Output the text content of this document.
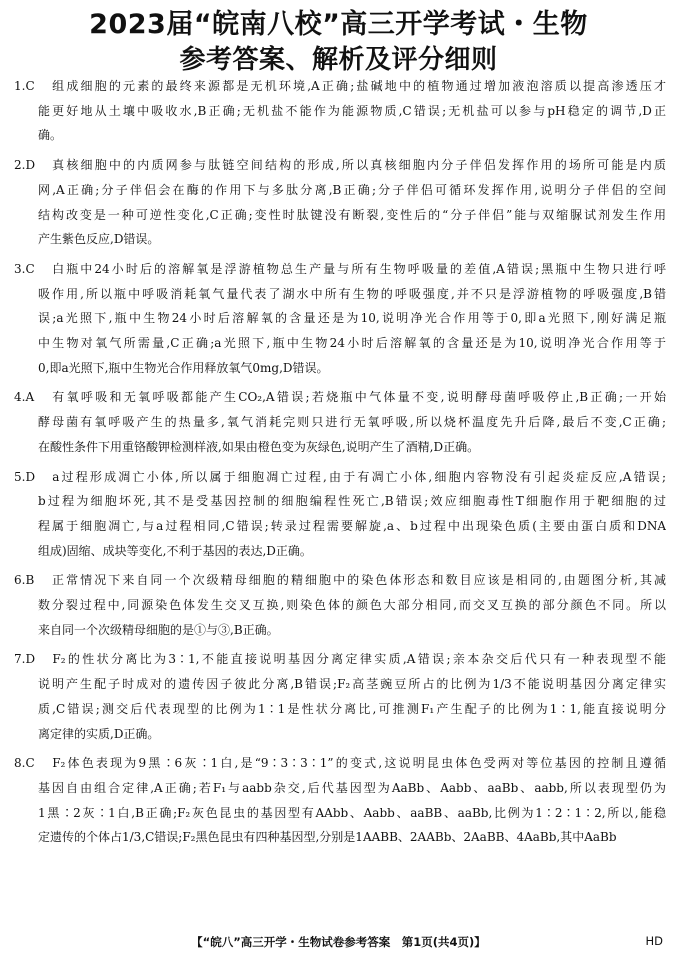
2023届“皖南八校”高三开学考试・生物
参考答案、解析及评分细则
1.C 　组成细胞的元素的最终来源都是无机环境,A正确;盐碱地中的植物通过增加液泡溶质以提高渗透压才
能更好地从土壤中吸收水,B正确;无机盐不能作为能源物质,C错误;无机盐可以参与pH稳定的调节,D正
确。
2.D 　真核细胞中的内质网参与肽链空间结构的形成,所以真核细胞内分子伴侣发挥作用的场所可能是内质
网,A正确;分子伴侣会在酶的作用下与多肽分离,B正确;分子伴侣可循环发挥作用,说明分子伴侣的空间
结构改变是一种可逆性变化,C正确;变性时肽键没有断裂,变性后的“分子伴侣”能与双缩脲试剂发生作用
产生紫色反应,D错误。
3.C 　白瓶中24小时后的溶解氧是浮游植物总生产量与所有生物呼吸量的差值,A错误;黑瓶中生物只进行呼
吸作用,所以瓶中呼吸消耗氧气量代表了湖水中所有生物的呼吸强度,并不只是浮游植物的呼吸强度,B错
误;a光照下,瓶中生物24小时后溶解氧的含量还是为10,说明净光合作用等于0,即a光照下,刚好满足瓶
中生物对氧气所需量,C正确;a光照下,瓶中生物24小时后溶解氧的含量还是为10,说明净光合作用等于
0,即a光照下,瓶中生物光合作用释放氧气0mg,D错误。
4.A 　有氧呼吸和无氧呼吸都能产生CO₂,A错误;若烧瓶中气体量不变,说明酵母菌呼吸停止,B正确;一开始
酵母菌有氧呼吸产生的热量多,氧气消耗完则只进行无氧呼吸,所以烧杯温度先升后降,最后不变,C正确;
在酸性条件下用重铬酸钾检测样液,如果由橙色变为灰绿色,说明产生了酒精,D正确。
5.D 　a过程形成凋亡小体,所以属于细胞凋亡过程,由于有凋亡小体,细胞内容物没有引起炎症反应,A错误;
b过程为细胞坏死,其不是受基因控制的细胞编程性死亡,B错误;效应细胞毒性T细胞作用于靶细胞的过
程属于细胞凋亡,与a过程相同,C错误;转录过程需要解旋,a、b过程中出现染色质(主要由蛋白质和DNA
组成)固缩、成块等变化,不利于基因的表达,D正确。
6.B 　正常情况下来自同一个次级精母细胞的精细胞中的染色体形态和数目应该是相同的,由题图分析,其减
数分裂过程中,同源染色体发生交叉互换,则染色体的颜色大部分相同,而交叉互换的部分颜色不同。所以
来自同一个次级精母细胞的是①与③,B正确。
7.D 　F₂的性状分离比为3∶1,不能直接说明基因分离定律实质,A错误;亲本杂交后代只有一种表现型不能
说明产生配子时成对的遗传因子彼此分离,B错误;F₂高茎豌豆所占的比例为1/3不能说明基因分离定律实
质,C错误;测交后代表现型的比例为1∶1是性状分离比,可推测F₁产生配子的比例为1∶1,能直接说明分
离定律的实质,D正确。
8.C 　F₂体色表现为9黑∶6灰∶1白,是“9∶3∶3∶1”的变式,这说明昆虫体色受两对等位基因的控制且遵循
基因自由组合定律,A正确;若F₁与aabb杂交,后代基因型为AaBb、Aabb、aaBb、aabb,所以表现型仍为
1黑∶2灰∶1白,B正确;F₂灰色昆虫的基因型有AAbb、Aabb、aaBB、aaBb,比例为1∶2∶1∶2,所以,能稳
定遗传的个体占1/3,C错误;F₂黑色昆虫有四种基因型,分别是1AABB、2AABb、2AaBB、4AaBb,其中AaBb
【“皖八”高三开学・生物试卷参考答案　第1页(共4页)】	HD
